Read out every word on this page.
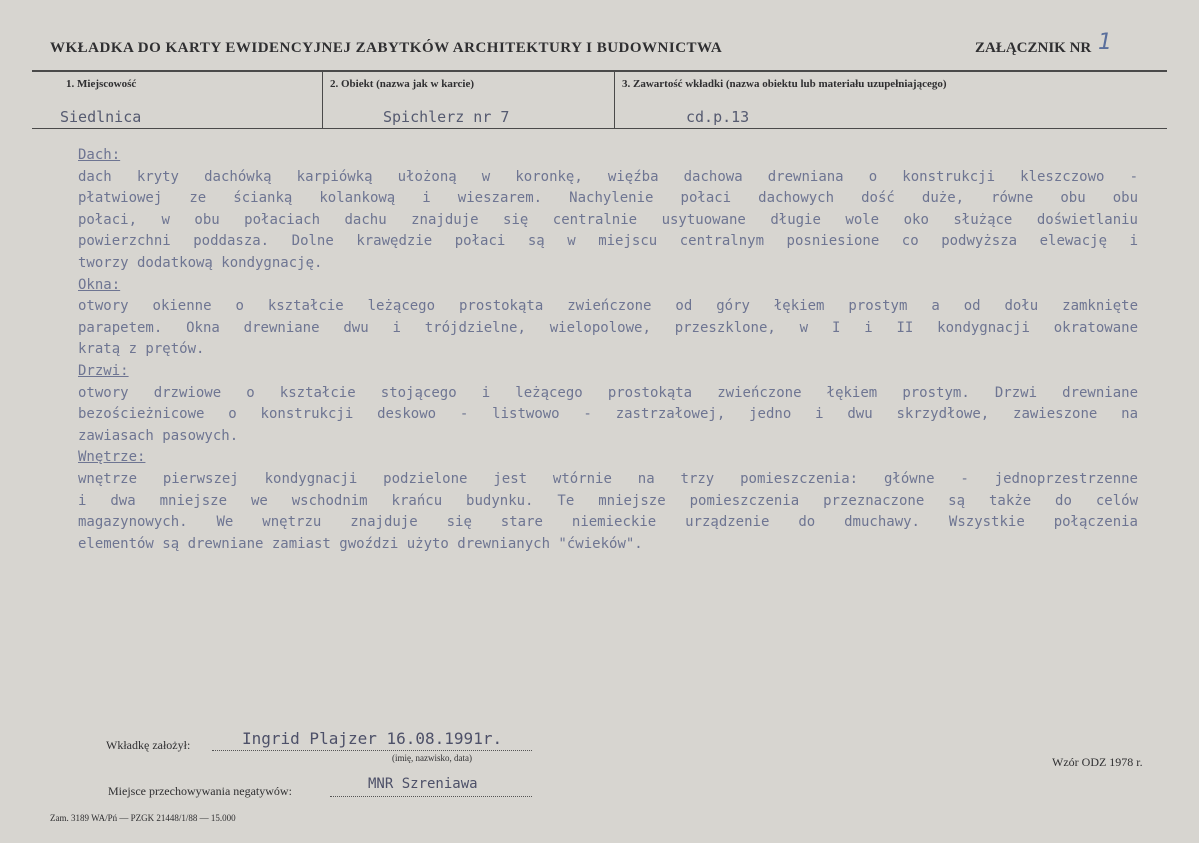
WKŁADKA DO KARTY EWIDENCYJNEJ ZABYTKÓW ARCHITEKTURY I BUDOWNICTWA	ZAŁĄCZNIK NR 1
1. Miejscowość	2. Obiekt (nazwa jak w karcie)	3. Zawartość wkładki (nazwa obiektu lub materiału uzupełniającego)
Siedlnica	Spichlerz nr 7	cd.p.13
Dach:
dach kryty dachówką karpiówką ułożoną w koronkę, więźba dachowa drewniana o konstrukcji kleszczowo -
płatwiowej ze ścianką kolankową i wieszarem. Nachylenie połaci dachowych dość duże, równe obu obu
połaci, w obu połaciach dachu znajduje się centralnie usytuowane długie wole oko służące doświetlaniu
powierzchni poddasza. Dolne krawędzie połaci są w miejscu centralnym posniesione co podwyższa elewację i
tworzy dodatkową kondygnację.
Okna:
otwory okienne o kształcie leżącego prostokąta zwieńczone od góry łękiem prostym a od dołu zamknięte
parapetem. Okna drewniane dwu i trójdzielne, wielopolowe, przeszklone, w I i II kondygnacji okratowane
kratą z prętów.
Drzwi:
otwory drzwiowe o kształcie stojącego i leżącego prostokąta zwieńczone łękiem prostym. Drzwi drewniane
bezościeżnicowe o konstrukcji deskowo - listwowo - zastrzałowej, jedno i dwu skrzydłowe, zawieszone na
zawiasach pasowych.
Wnętrze:
wnętrze pierwszej kondygnacji podzielone jest wtórnie na trzy pomieszczenia: główne - jednoprzestrzenne
i dwa mniejsze we wschodnim krańcu budynku. Te mniejsze pomieszczenia przeznaczone są także do celów
magazynowych. We wnętrzu znajduje się stare niemieckie urządzenie do dmuchawy. Wszystkie połączenia
elementów są drewniane zamiast gwoździ użyto drewnianych "ćwieków".
Wkładkę założył:	Ingrid Plajzer 16.08.1991r.
(imię, nazwisko, data)
Miejsce przechowywania negatywów:	MNR Szreniawa
Wzór ODZ 1978 r.
Zam. 3189 WA/Pń — PZGK 21448/1/88 — 15.000
